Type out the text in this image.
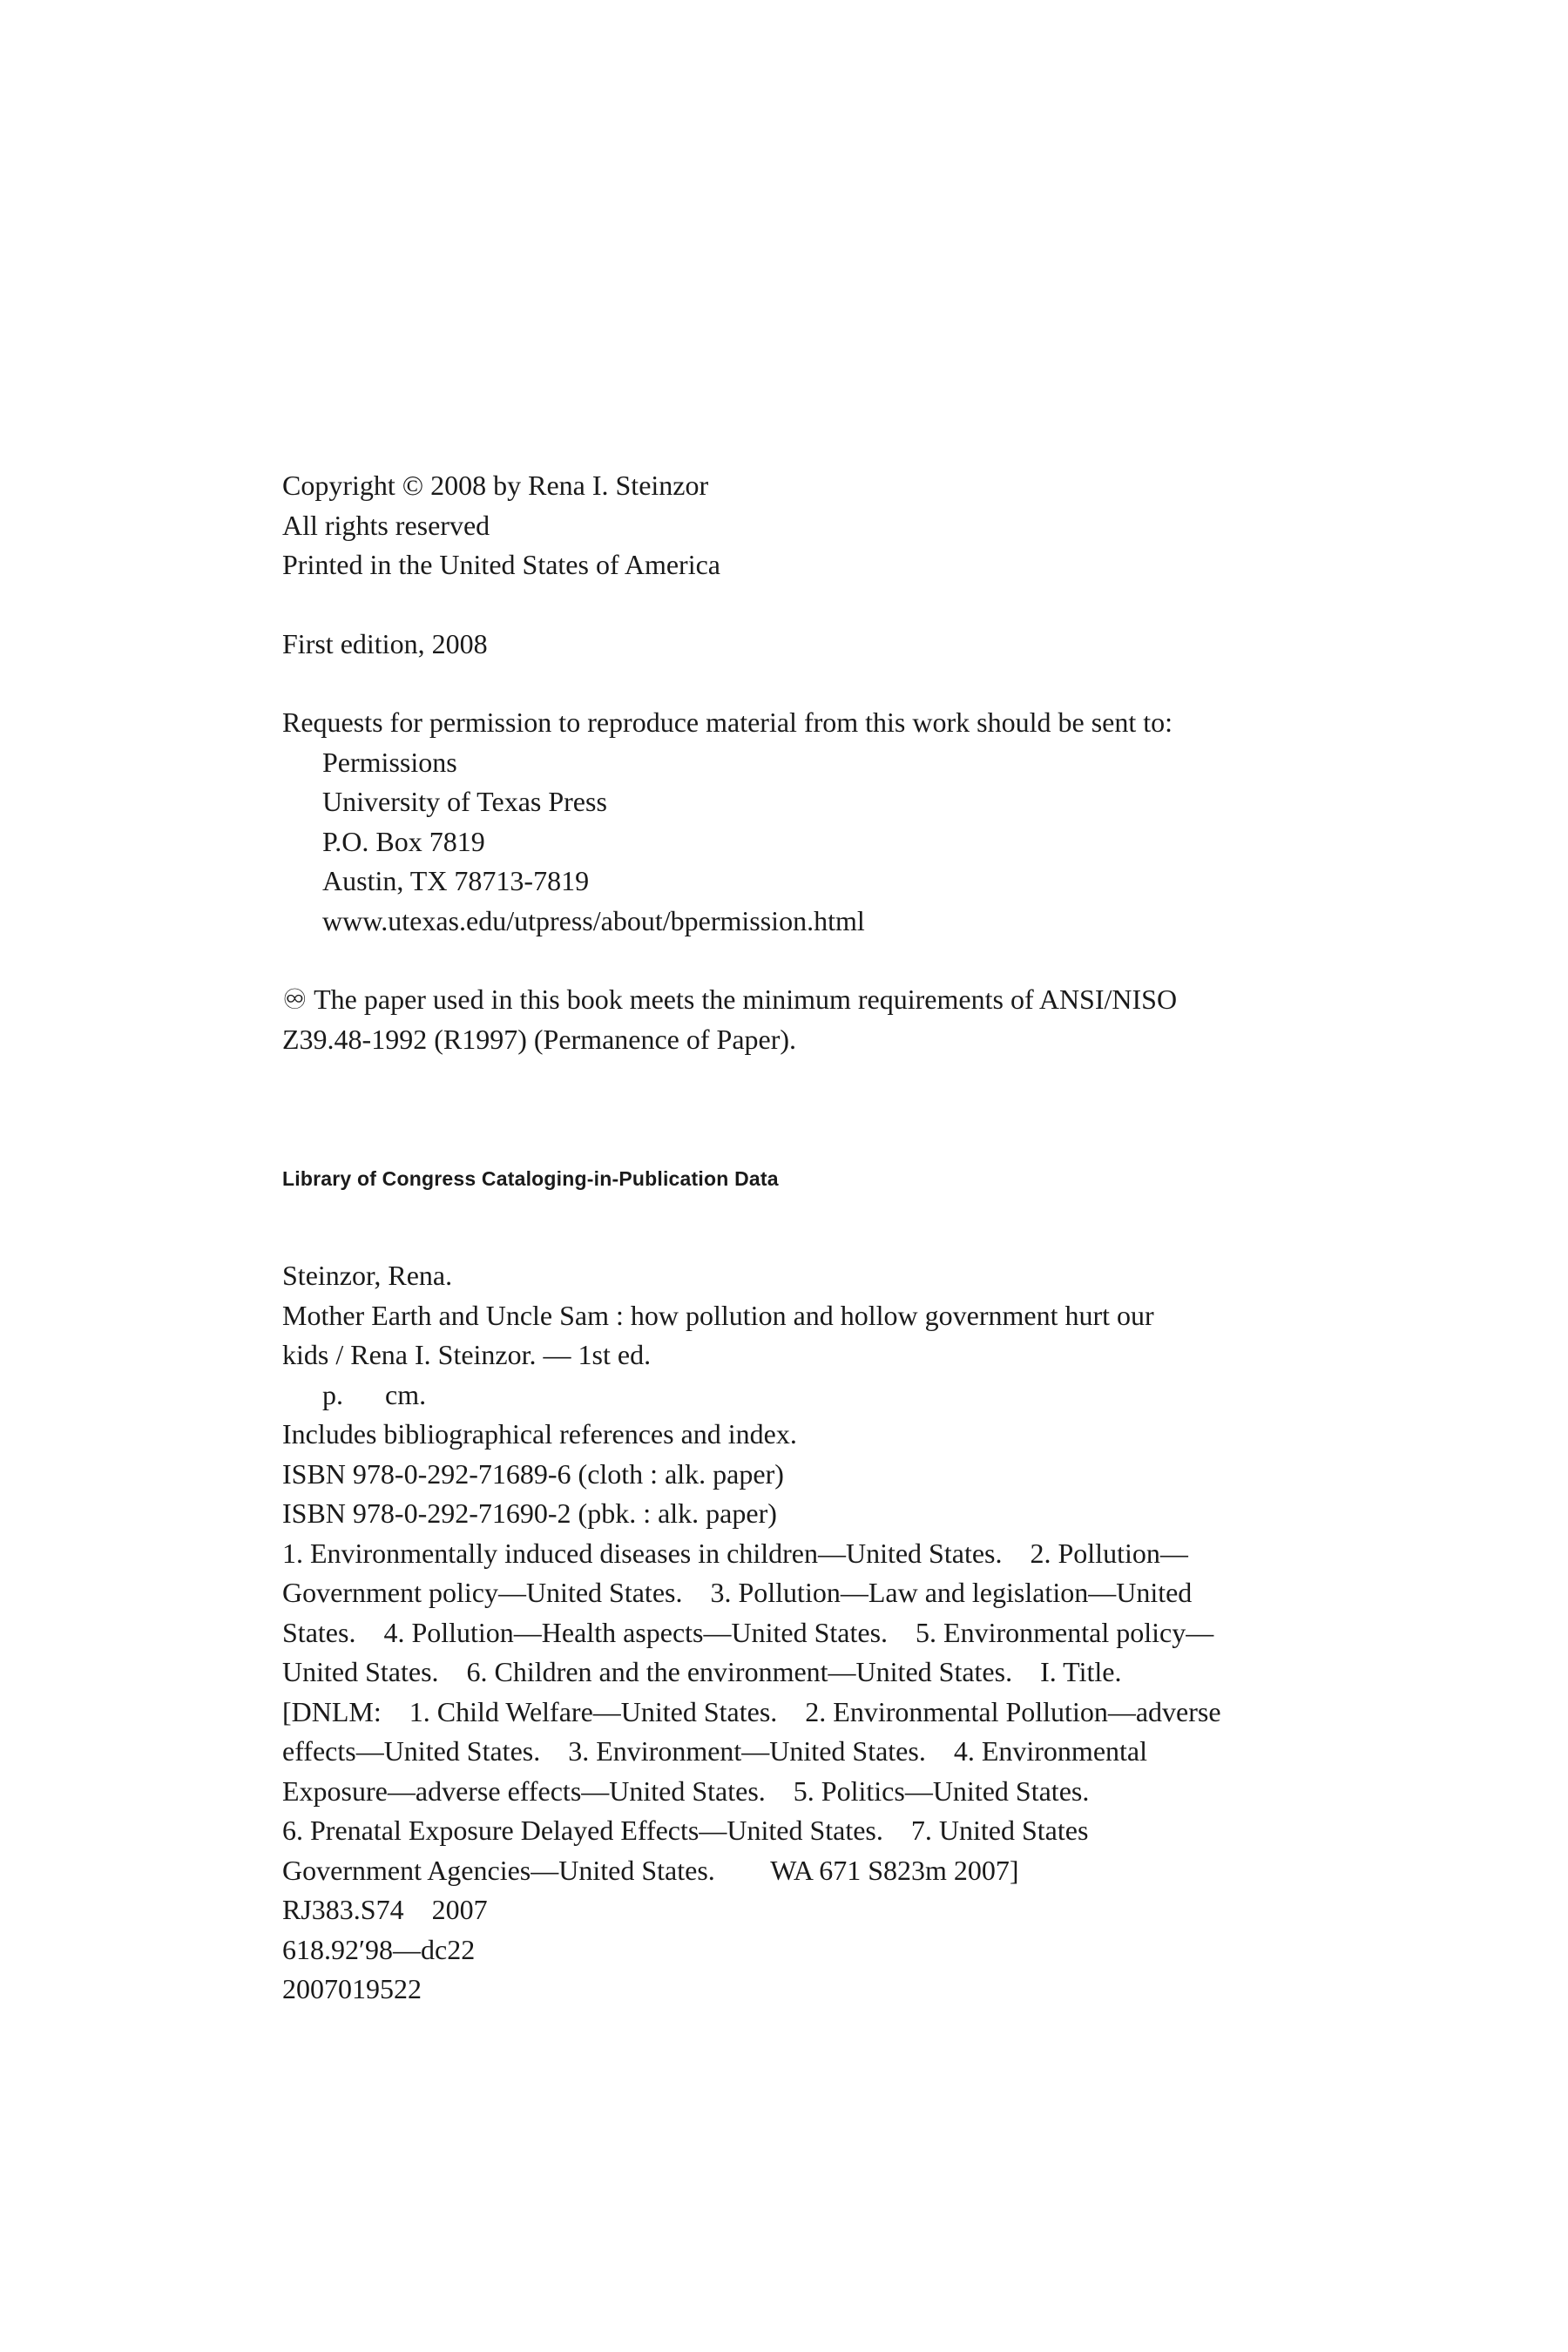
Copyright © 2008 by Rena I. Steinzor
All rights reserved
Printed in the United States of America
First edition, 2008
Requests for permission to reproduce material from this work should be sent to:
Permissions
University of Texas Press
P.O. Box 7819
Austin, TX 78713-7819
www.utexas.edu/utpress/about/bpermission.html
♾ The paper used in this book meets the minimum requirements of ANSI/NISO
Z39.48-1992 (R1997) (Permanence of Paper).
Library of Congress Cataloging-in-Publication Data
Steinzor, Rena.
Mother Earth and Uncle Sam : how pollution and hollow government hurt our
kids / Rena I. Steinzor. — 1st ed.
p.      cm.
Includes bibliographical references and index.
ISBN 978-0-292-71689-6 (cloth : alk. paper)
ISBN 978-0-292-71690-2 (pbk. : alk. paper)
1. Environmentally induced diseases in children—United States.    2. Pollution—
Government policy—United States.    3. Pollution—Law and legislation—United
States.    4. Pollution—Health aspects—United States.    5. Environmental policy—
United States.    6. Children and the environment—United States.    I. Title.
[DNLM:    1. Child Welfare—United States.    2. Environmental Pollution—adverse
effects—United States.    3. Environment—United States.    4. Environmental
Exposure—adverse effects—United States.    5. Politics—United States.
6. Prenatal Exposure Delayed Effects—United States.    7. United States
Government Agencies—United States.        WA 671 S823m 2007]
RJ383.S74    2007
618.92′98—dc22
2007019522
